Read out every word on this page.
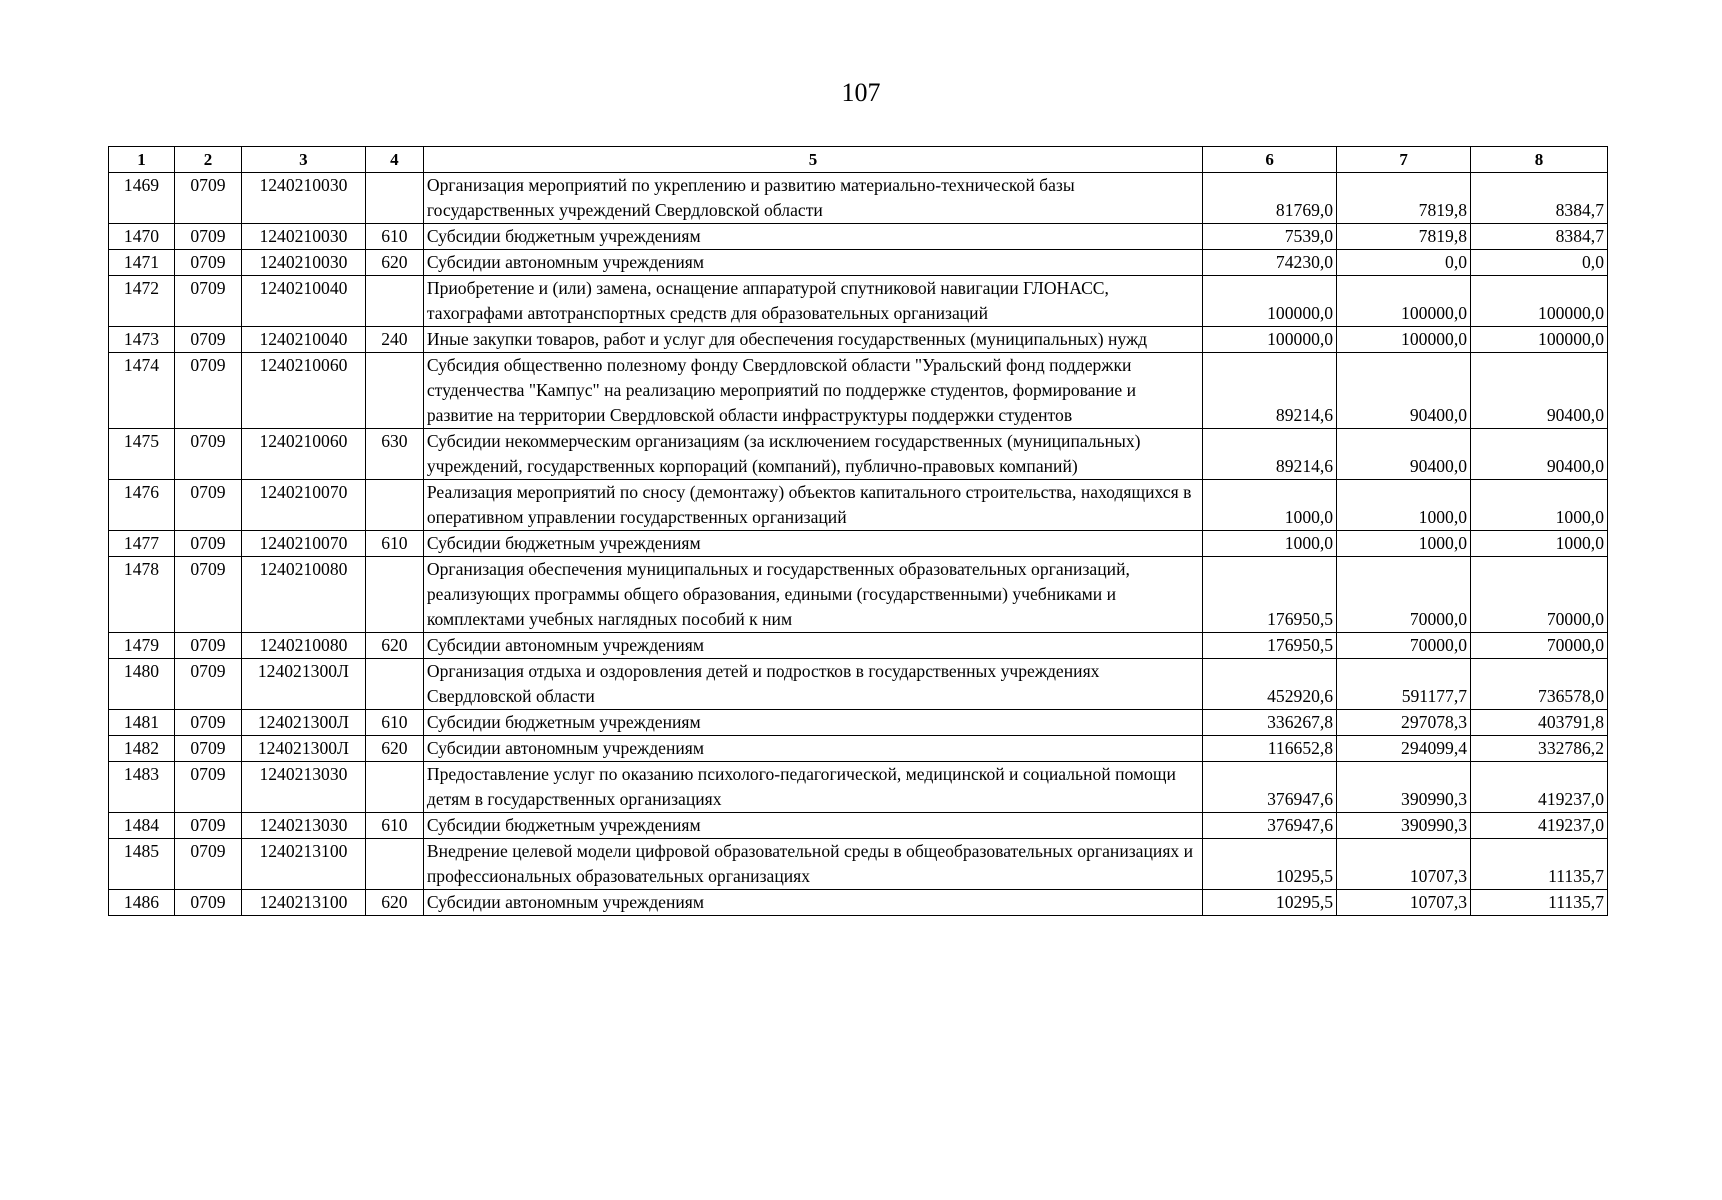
107
1	2	3	4	5	6	7	8
1469	0709	1240210030		Организация мероприятий по укреплению и развитию материально-технической базы государственных учреждений Свердловской области	81769,0	7819,8	8384,7
1470	0709	1240210030	610	Субсидии бюджетным учреждениям	7539,0	7819,8	8384,7
1471	0709	1240210030	620	Субсидии автономным учреждениям	74230,0	0,0	0,0
1472	0709	1240210040		Приобретение и (или) замена, оснащение аппаратурой спутниковой навигации ГЛОНАСС, тахографами автотранспортных средств для образовательных организаций	100000,0	100000,0	100000,0
1473	0709	1240210040	240	Иные закупки товаров, работ и услуг для обеспечения государственных (муниципальных) нужд	100000,0	100000,0	100000,0
1474	0709	1240210060		Субсидия общественно полезному фонду Свердловской области "Уральский фонд поддержки студенчества "Кампус" на реализацию мероприятий по поддержке студентов, формирование и развитие на территории Свердловской области инфраструктуры поддержки студентов	89214,6	90400,0	90400,0
1475	0709	1240210060	630	Субсидии некоммерческим организациям (за исключением государственных (муниципальных) учреждений, государственных корпораций (компаний), публично-правовых компаний)	89214,6	90400,0	90400,0
1476	0709	1240210070		Реализация мероприятий по сносу (демонтажу) объектов капитального строительства, находящихся в оперативном управлении государственных организаций	1000,0	1000,0	1000,0
1477	0709	1240210070	610	Субсидии бюджетным учреждениям	1000,0	1000,0	1000,0
1478	0709	1240210080		Организация обеспечения муниципальных и государственных образовательных организаций, реализующих программы общего образования, едиными (государственными) учебниками и комплектами учебных наглядных пособий к ним	176950,5	70000,0	70000,0
1479	0709	1240210080	620	Субсидии автономным учреждениям	176950,5	70000,0	70000,0
1480	0709	124021300Л		Организация отдыха и оздоровления детей и подростков в государственных учреждениях Свердловской области	452920,6	591177,7	736578,0
1481	0709	124021300Л	610	Субсидии бюджетным учреждениям	336267,8	297078,3	403791,8
1482	0709	124021300Л	620	Субсидии автономным учреждениям	116652,8	294099,4	332786,2
1483	0709	1240213030		Предоставление услуг по оказанию психолого-педагогической, медицинской и социальной помощи детям в государственных организациях	376947,6	390990,3	419237,0
1484	0709	1240213030	610	Субсидии бюджетным учреждениям	376947,6	390990,3	419237,0
1485	0709	1240213100		Внедрение целевой модели цифровой образовательной среды в общеобразовательных организациях и профессиональных образовательных организациях	10295,5	10707,3	11135,7
1486	0709	1240213100	620	Субсидии автономным учреждениям	10295,5	10707,3	11135,7
